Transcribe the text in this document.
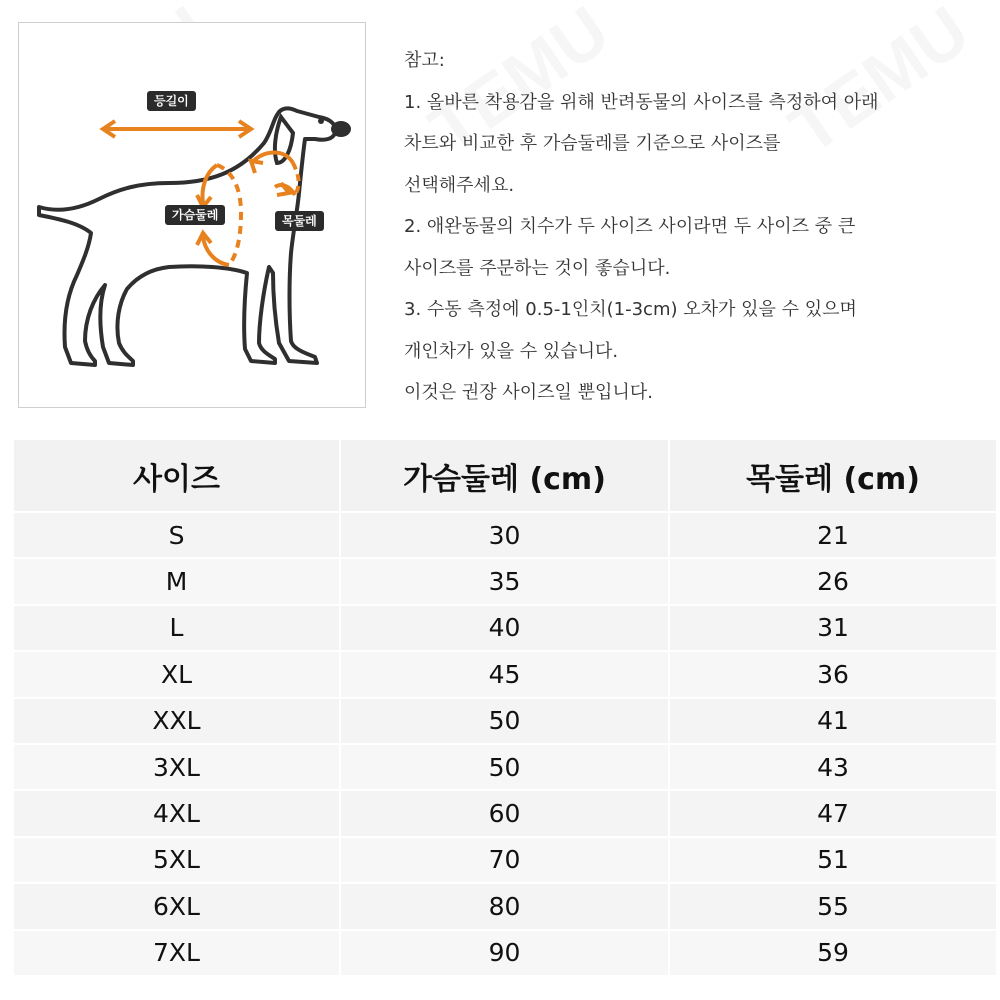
등길이
가슴둘레	목둘레
참고:
1. 올바른 착용감을 위해 반려동물의 사이즈를 측정하여 아래
차트와 비교한 후 가슴둘레를 기준으로 사이즈를
선택해주세요.
2. 애완동물의 치수가 두 사이즈 사이라면 두 사이즈 중 큰
사이즈를 주문하는 것이 좋습니다.
3. 수동 측정에 0.5-1인치(1-3cm) 오차가 있을 수 있으며
개인차가 있을 수 있습니다.
이것은 권장 사이즈일 뿐입니다.
사이즈	가슴둘레 (cm)	목둘레 (cm)
S	30	21
M	35	26
L	40	31
XL	45	36
XXL	50	41
3XL	50	43
4XL	60	47
5XL	70	51
6XL	80	55
7XL	90	59
